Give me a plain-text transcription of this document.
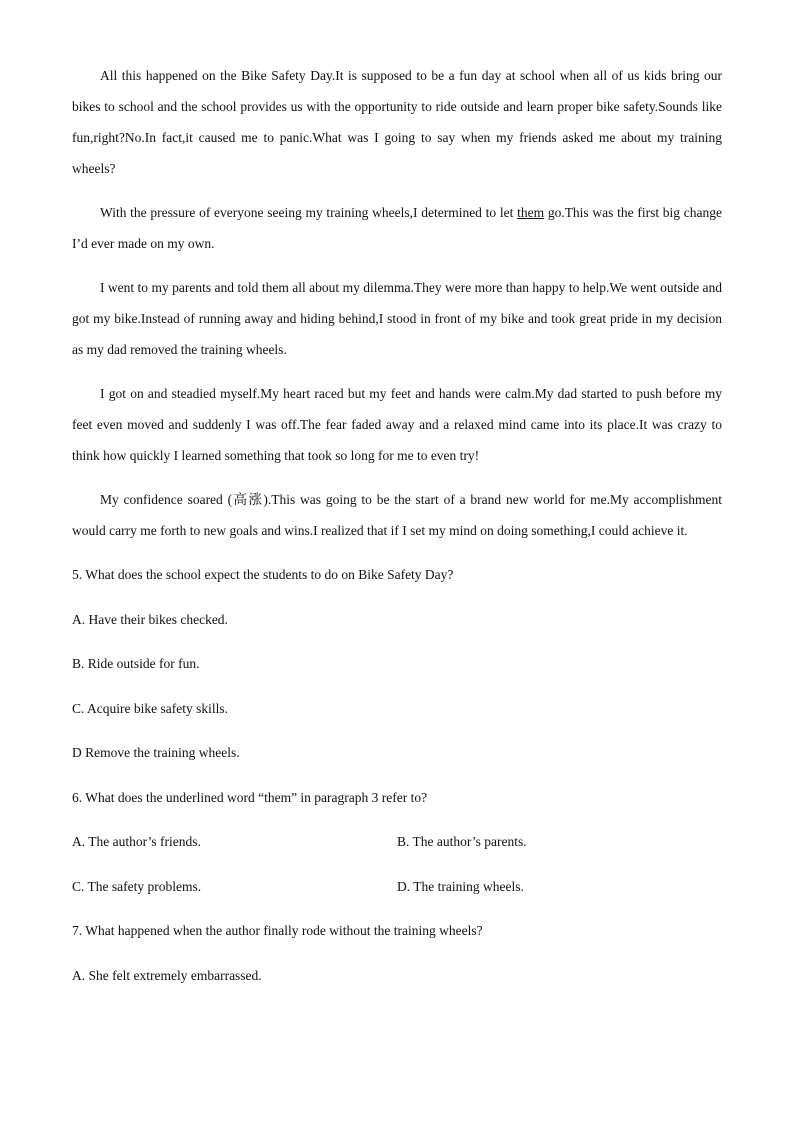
All this happened on the Bike Safety Day.It is supposed to be a fun day at school when all of us kids bring our bikes to school and the school provides us with the opportunity to ride outside and learn proper bike safety.Sounds like fun,right?No.In fact,it caused me to panic.What was I going to say when my friends asked me about my training wheels?

With the pressure of everyone seeing my training wheels,I determined to let them go.This was the first big change I’d ever made on my own.

I went to my parents and told them all about my dilemma.They were more than happy to help.We went outside and got my bike.Instead of running away and hiding behind,I stood in front of my bike and took great pride in my decision as my dad removed the training wheels.

I got on and steadied myself.My heart raced but my feet and hands were calm.My dad started to push before my feet even moved and suddenly I was off.The fear faded away and a relaxed mind came into its place.It was crazy to think how quickly I learned something that took so long for me to even try!

My confidence soared (高涨).This was going to be the start of a brand new world for me.My accomplishment would carry me forth to new goals and wins.I realized that if I set my mind on doing something,I could achieve it.

5. What does the school expect the students to do on Bike Safety Day?

A. Have their bikes checked.

B. Ride outside for fun.

C. Acquire bike safety skills.

D Remove the training wheels.

6. What does the underlined word “them” in paragraph 3 refer to?

A. The author’s friends.	B. The author’s parents.
C. The safety problems.	D. The training wheels.

7. What happened when the author finally rode without the training wheels?

A. She felt extremely embarrassed.
